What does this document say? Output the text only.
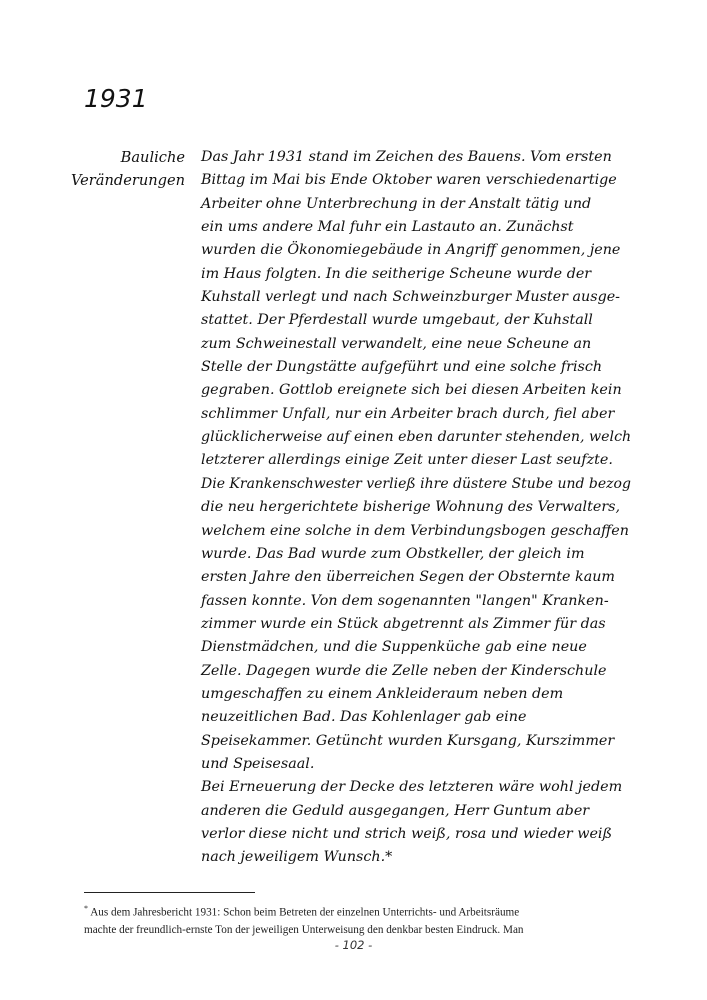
1931
Bauliche
Veränderungen
Das Jahr 1931 stand im Zeichen des Bauens. Vom ersten
Bittag im Mai bis Ende Oktober waren verschiedenartige
Arbeiter ohne Unterbrechung in der Anstalt tätig und
ein ums andere Mal fuhr ein Lastauto an. Zunächst
wurden die Ökonomiegebäude in Angriff genommen, jene
im Haus folgten. In die seitherige Scheune wurde der
Kuhstall verlegt und nach Schweinzburger Muster ausge-
stattet. Der Pferdestall wurde umgebaut, der Kuhstall
zum Schweinestall verwandelt, eine neue Scheune an
Stelle der Dungstätte aufgeführt und eine solche frisch
gegraben. Gottlob ereignete sich bei diesen Arbeiten kein
schlimmer Unfall, nur ein Arbeiter brach durch, fiel aber
glücklicherweise auf einen eben darunter stehenden, welch
letzterer allerdings einige Zeit unter dieser Last seufzte.
Die Krankenschwester verließ ihre düstere Stube und bezog
die neu hergerichtete bisherige Wohnung des Verwalters,
welchem eine solche in dem Verbindungsbogen geschaffen
wurde. Das Bad wurde zum Obstkeller, der gleich im
ersten Jahre den überreichen Segen der Obsternte kaum
fassen konnte. Von dem sogenannten "langen" Kranken-
zimmer wurde ein Stück abgetrennt als Zimmer für das
Dienstmädchen, und die Suppenküche gab eine neue
Zelle. Dagegen wurde die Zelle neben der Kinderschule
umgeschaffen zu einem Ankleideraum neben dem
neuzeitlichen Bad. Das Kohlenlager gab eine
Speisekammer. Getüncht wurden Kursgang, Kurszimmer
und Speisesaal.
Bei Erneuerung der Decke des letzteren wäre wohl jedem
anderen die Geduld ausgegangen, Herr Guntum aber
verlor diese nicht und strich weiß, rosa und wieder weiß
nach jeweiligem Wunsch.*
* Aus dem Jahresbericht 1931: Schon beim Betreten der einzelnen Unterrichts- und Arbeitsräume
machte der freundlich-ernste Ton der jeweiligen Unterweisung den denkbar besten Eindruck. Man
- 102 -
